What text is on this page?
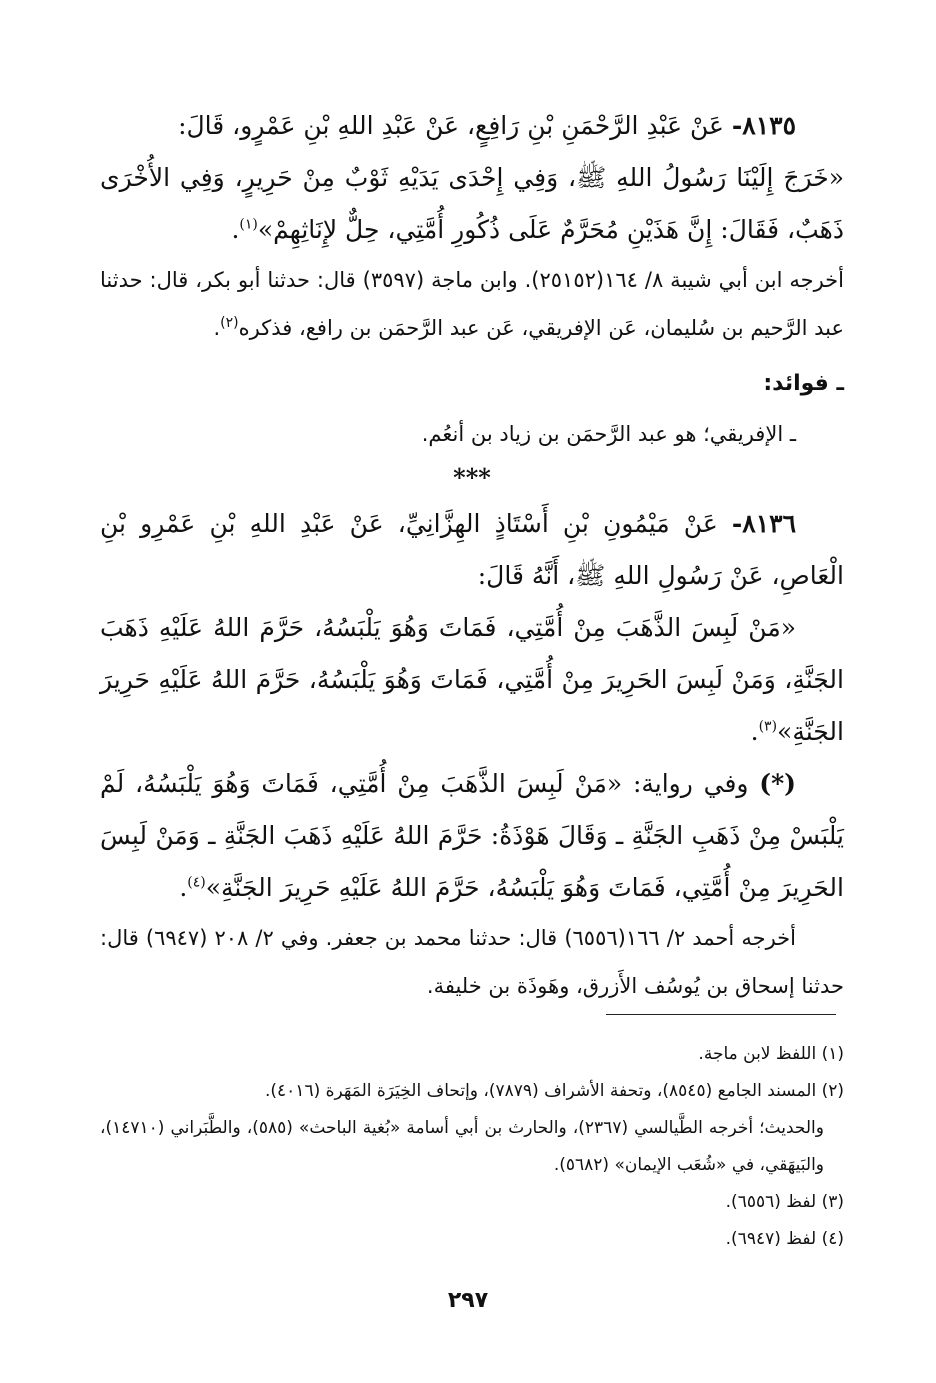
٨١٣٥- عَنْ عَبْدِ الرَّحْمَنِ بْنِ رَافِعٍ، عَنْ عَبْدِ اللهِ بْنِ عَمْرٍو، قَالَ:

«خَرَجَ إِلَيْنَا رَسُولُ اللهِ ﷺ، وَفِي إِحْدَى يَدَيْهِ ثَوْبٌ مِنْ حَرِيرٍ، وَفِي الأُخْرَى ذَهَبٌ، فَقَالَ: إِنَّ هَذَيْنِ مُحَرَّمٌ عَلَى ذُكُورِ أُمَّتِي، حِلٌّ لإِنَاثِهِمْ»$^{(١)}$.

أخرجه ابن أبي شيبة ٨/ ١٦٤(٢٥١٥٢). وابن ماجة (٣٥٩٧) قال: حدثنا أبو بكر، قال: حدثنا عبد الرَّحيم بن سُليمان، عَن الإفريقي، عَن عبد الرَّحمَن بن رافع، فذكره$^{(٢)}$.

ـ فوائد:

ـ الإفريقي؛ هو عبد الرَّحمَن بن زياد بن أنعُم.

***

٨١٣٦- عَنْ مَيْمُونِ بْنِ أَسْتَاذٍ الهِزَّانِيِّ، عَنْ عَبْدِ اللهِ بْنِ عَمْرِو بْنِ الْعَاصِ، عَنْ رَسُولِ اللهِ ﷺ، أَنَّهُ قَالَ:

«مَنْ لَبِسَ الذَّهَبَ مِنْ أُمَّتِي، فَمَاتَ وَهُوَ يَلْبَسُهُ، حَرَّمَ اللهُ عَلَيْهِ ذَهَبَ الجَنَّةِ، وَمَنْ لَبِسَ الحَرِيرَ مِنْ أُمَّتِي، فَمَاتَ وَهُوَ يَلْبَسُهُ، حَرَّمَ اللهُ عَلَيْهِ حَرِيرَ الجَنَّةِ»$^{(٣)}$.

(*) وفي رواية: «مَنْ لَبِسَ الذَّهَبَ مِنْ أُمَّتِي، فَمَاتَ وَهُوَ يَلْبَسُهُ، لَمْ يَلْبَسْ مِنْ ذَهَبِ الجَنَّةِ ـ وَقَالَ هَوْذَةُ: حَرَّمَ اللهُ عَلَيْهِ ذَهَبَ الجَنَّةِ ـ وَمَنْ لَبِسَ الحَرِيرَ مِنْ أُمَّتِي، فَمَاتَ وَهُوَ يَلْبَسُهُ، حَرَّمَ اللهُ عَلَيْهِ حَرِيرَ الجَنَّةِ»$^{(٤)}$.

أخرجه أحمد ٢/ ١٦٦(٦٥٥٦) قال: حدثنا محمد بن جعفر. وفي ٢/ ٢٠٨ (٦٩٤٧) قال: حدثنا إسحاق بن يُوسُف الأَزرق، وهَوذَة بن خليفة.

(١) اللفظ لابن ماجة.

(٢) المسند الجامع (٨٥٤٥)، وتحفة الأشراف (٧٨٧٩)، وإتحاف الخِيَرَة المَهَرة (٤٠١٦).

والحديث؛ أخرجه الطَّيالسي (٢٣٦٧)، والحارث بن أبي أسامة «بُغية الباحث» (٥٨٥)، والطَّبَراني (١٤٧١٠)، والبَيهَقي، في «شُعَب الإيمان» (٥٦٨٢).

(٣) لفظ (٦٥٥٦).

(٤) لفظ (٦٩٤٧).

٢٩٧
